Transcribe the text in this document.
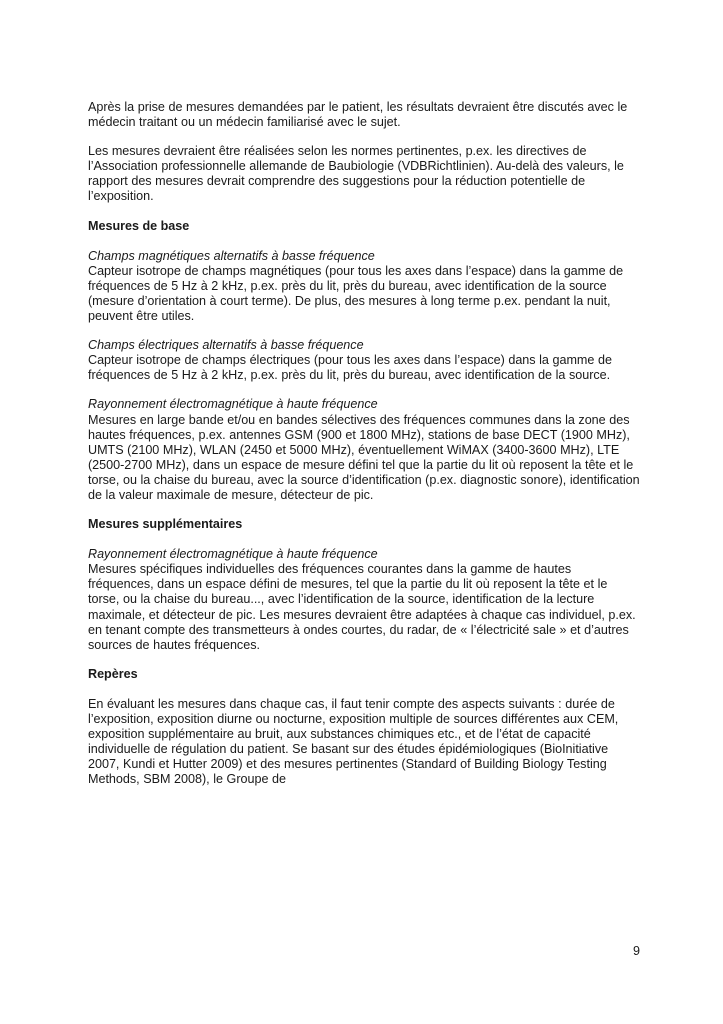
Après la prise de mesures demandées par le patient, les résultats devraient être discutés avec le médecin traitant ou un médecin familiarisé avec le sujet.

Les mesures devraient être réalisées selon les normes pertinentes, p.ex. les directives de l’Association professionnelle allemande de Baubiologie (VDBRichtlinien). Au-delà des valeurs, le rapport des mesures devrait comprendre des suggestions pour la réduction potentielle de l’exposition.

Mesures de base

Champs magnétiques alternatifs à basse fréquence

Capteur isotrope de champs magnétiques (pour tous les axes dans l’espace) dans la gamme de fréquences de 5 Hz à 2 kHz, p.ex. près du lit, près du bureau, avec identification de la source (mesure d’orientation à court terme). De plus, des mesures à long terme p.ex. pendant la nuit, peuvent être utiles.

Champs électriques alternatifs à basse fréquence

Capteur isotrope de champs électriques (pour tous les axes dans l’espace) dans la gamme de fréquences de 5 Hz à 2 kHz, p.ex. près du lit, près du bureau, avec identification de la source.

Rayonnement électromagnétique à haute fréquence

Mesures en large bande et/ou en bandes sélectives des fréquences communes dans la zone des hautes fréquences, p.ex. antennes GSM (900 et 1800 MHz), stations de base DECT (1900 MHz), UMTS (2100 MHz), WLAN (2450 et 5000 MHz), éventuellement WiMAX (3400-3600 MHz), LTE (2500-2700 MHz), dans un espace de mesure défini tel que la partie du lit où reposent la tête et le torse, ou la chaise du bureau, avec la source d’identification (p.ex. diagnostic sonore), identification de la valeur maximale de mesure, détecteur de pic.

Mesures supplémentaires

Rayonnement électromagnétique à haute fréquence

Mesures spécifiques individuelles des fréquences courantes dans la gamme de hautes fréquences, dans un espace défini de mesures, tel que la partie du lit où reposent la tête et le torse, ou la chaise du bureau..., avec l’identification de la source, identification de la lecture maximale, et détecteur de pic. Les mesures devraient être adaptées à chaque cas individuel, p.ex. en tenant compte des transmetteurs à ondes courtes, du radar, de « l’électricité sale » et d’autres sources de hautes fréquences.

Repères

En évaluant les mesures dans chaque cas, il faut tenir compte des aspects suivants : durée de l’exposition, exposition diurne ou nocturne, exposition multiple de sources différentes aux CEM, exposition supplémentaire au bruit, aux substances chimiques etc., et de l’état de capacité individuelle de régulation du patient. Se basant sur des études épidémiologiques (BioInitiative 2007, Kundi et Hutter 2009) et des mesures pertinentes (Standard of Building Biology Testing Methods, SBM 2008), le Groupe de

9
